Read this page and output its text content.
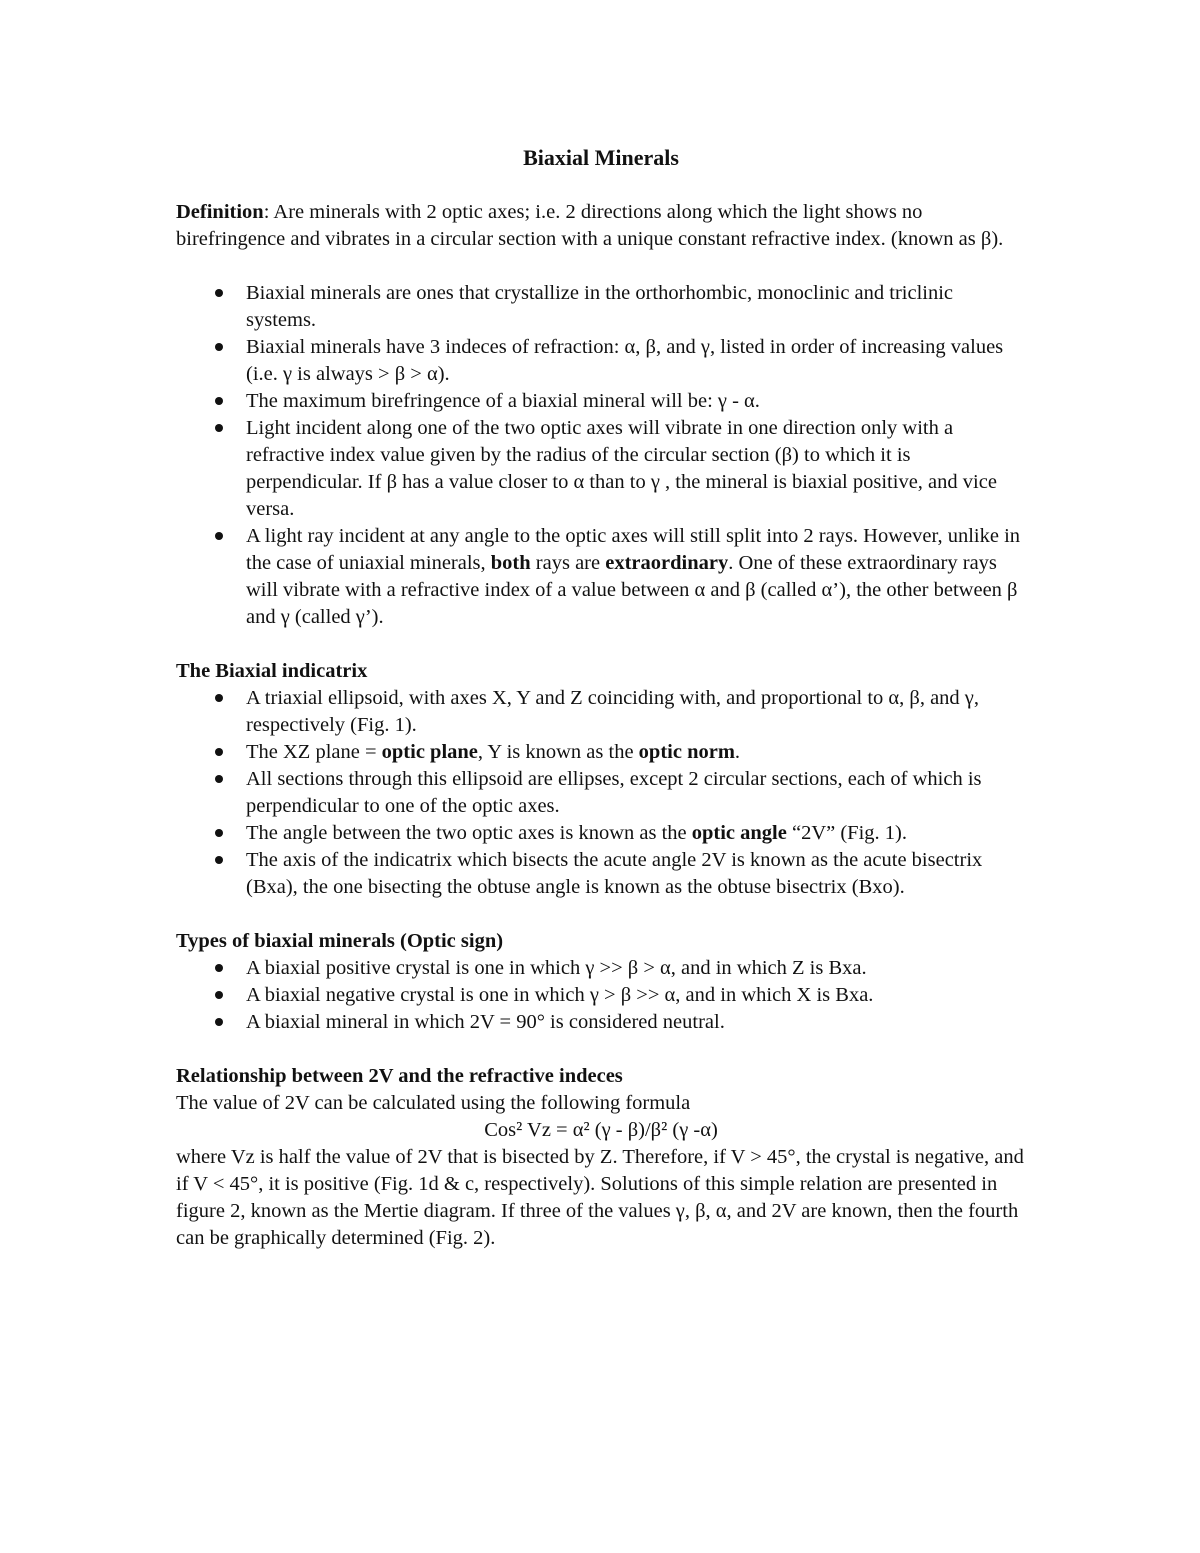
Biaxial Minerals

Definition: Are minerals with 2 optic axes; i.e. 2 directions along which the light shows no birefringence and vibrates in a circular section with a unique constant refractive index. (known as β).

Biaxial minerals are ones that crystallize in the orthorhombic, monoclinic and triclinic systems.
Biaxial minerals have 3 indeces of refraction: α, β, and γ, listed in order of increasing values (i.e. γ is always > β > α).
The maximum birefringence of a biaxial mineral will be: γ - α.
Light incident along one of the two optic axes will vibrate in one direction only with a refractive index value given by the radius of the circular section (β) to which it is perpendicular. If β has a value closer to α than to γ , the mineral is biaxial positive, and vice versa.
A light ray incident at any angle to the optic axes will still split into 2 rays. However, unlike in the case of uniaxial minerals, both rays are extraordinary. One of these extraordinary rays will vibrate with a refractive index of a value between α and β (called α’), the other between β and γ (called γ’).

The Biaxial indicatrix

A triaxial ellipsoid, with axes X, Y and Z coinciding with, and proportional to α, β, and γ, respectively (Fig. 1).
The XZ plane = optic plane, Y is known as the optic norm.
All sections through this ellipsoid are ellipses, except 2 circular sections, each of which is perpendicular to one of the optic axes.
The angle between the two optic axes is known as the optic angle “2V” (Fig. 1).
The axis of the indicatrix which bisects the acute angle 2V is known as the acute bisectrix (Bxa), the one bisecting the obtuse angle is known as the obtuse bisectrix (Bxo).

Types of biaxial minerals (Optic sign)

A biaxial positive crystal is one in which γ >> β > α, and in which Z is Bxa.
A biaxial negative crystal is one in which γ > β >> α, and in which X is Bxa.
A biaxial mineral in which 2V = 90° is considered neutral.

Relationship between 2V and the refractive indeces

The value of 2V can be calculated using the following formula

Cos² Vz = α² (γ - β)/β² (γ -α)

where Vz is half the value of 2V that is bisected by Z. Therefore, if V > 45°, the crystal is negative, and if V < 45°, it is positive (Fig. 1d & c, respectively). Solutions of this simple relation are presented in figure 2, known as the Mertie diagram. If three of the values γ, β, α, and 2V are known, then the fourth can be graphically determined (Fig. 2).
